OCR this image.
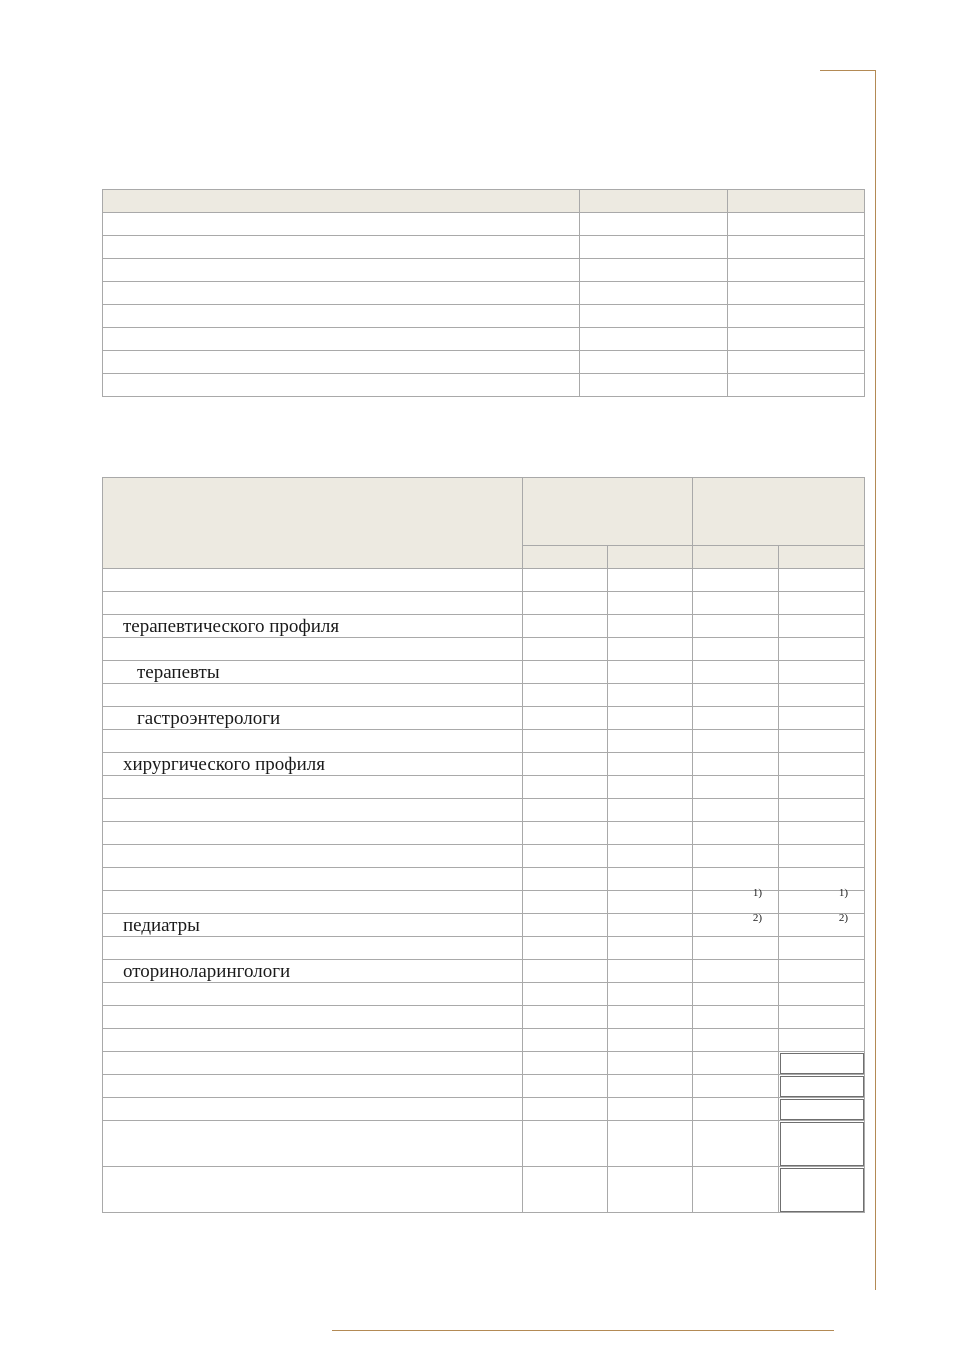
терапевтического профиля				

терапевты				

гастроэнтерологи				

хирургического профиля				

			1)	1)

педиатры			2)	2)

оториноларингологи				
